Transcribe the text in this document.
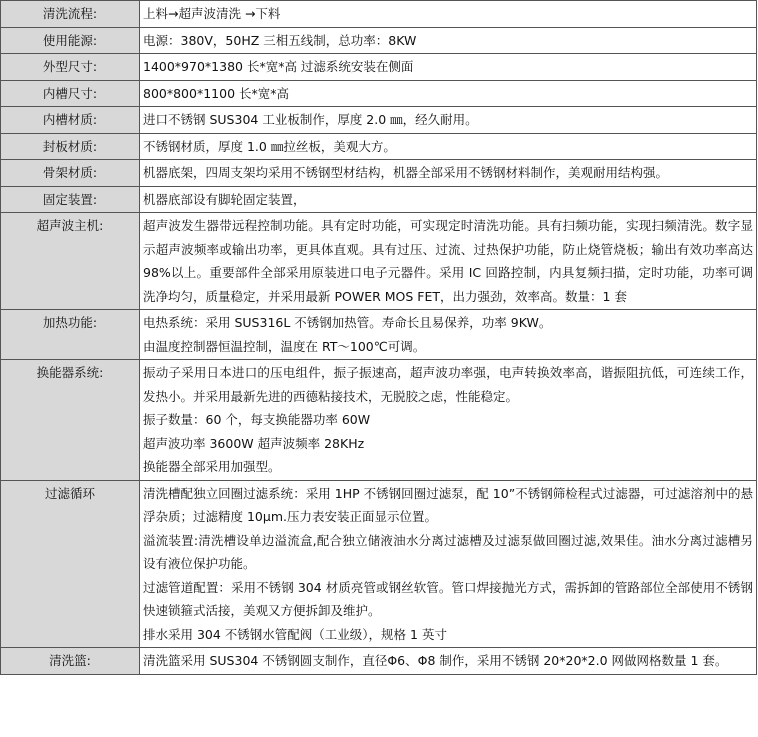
清洗流程:	上料→超声波清洗 →下料

使用能源:	电源：380V，50HZ 三相五线制，总功率：8KW

外型尺寸:	1400*970*1380 长*宽*高 过滤系统安装在侧面

内槽尺寸:	800*800*1100 长*宽*高

内槽材质:	进口不锈钢 SUS304 工业板制作，厚度 2.0 ㎜，经久耐用。

封板材质:	不锈钢材质，厚度 1.0 ㎜拉丝板，美观大方。

骨架材质:	机器底架，四周支架均采用不锈钢型材结构，机器全部采用不锈钢材料制作，美观耐用结构强。

固定装置:	机器底部设有脚轮固定装置，

超声波主机:	超声波发生器带远程控制功能。具有定时功能，可实现定时清洗功能。具有扫频功能，实现扫频清洗。数字显示超声波频率或输出功率，更具体直观。具有过压、过流、过热保护功能，防止烧管烧板；输出有效功率高达 98%以上。重要部件全部采用原装进口电子元器件。采用 IC 回路控制，内具复频扫描，定时功能，功率可调洗净均匀，质量稳定，并采用最新 POWER MOS FET，出力强劲，效率高。数量：1 套

加热功能:	电热系统：采用 SUS316L 不锈钢加热管。寿命长且易保养，功率 9KW。

由温度控制器恒温控制，温度在 RT～100℃可调。

换能器系统:	振动子采用日本进口的压电组件，振子振速高，超声波功率强，电声转换效率高，谐振阻抗低，可连续工作，发热小。并采用最新先进的西德粘接技术，无脱胶之虑，性能稳定。

振子数量：60 个，每支换能器功率 60W

超声波功率 3600W 超声波频率 28KHz

换能器全部采用加强型。

过滤循环	清洗槽配独立回圈过滤系统：采用 1HP 不锈钢回圈过滤泵，配 10”不锈钢筛检程式过滤器，可过滤溶剂中的悬浮杂质；过滤精度 10μm.压力表安装正面显示位置。

溢流装置:清洗槽设单边溢流盒,配合独立储液油水分离过滤槽及过滤泵做回圈过滤,效果佳。油水分离过滤槽另设有液位保护功能。

过滤管道配置：采用不锈钢 304 材质亮管或钢丝软管。管口焊接抛光方式，需拆卸的管路部位全部使用不锈钢快速锁箍式活接，美观又方便拆卸及维护。

排水采用 304 不锈钢水管配阀（工业级），规格 1 英寸

清洗篮:	清洗篮采用 SUS304 不锈钢圆支制作，直径Φ6、Φ8 制作，采用不锈钢 20*20*2.0 网做网格数量 1 套。
